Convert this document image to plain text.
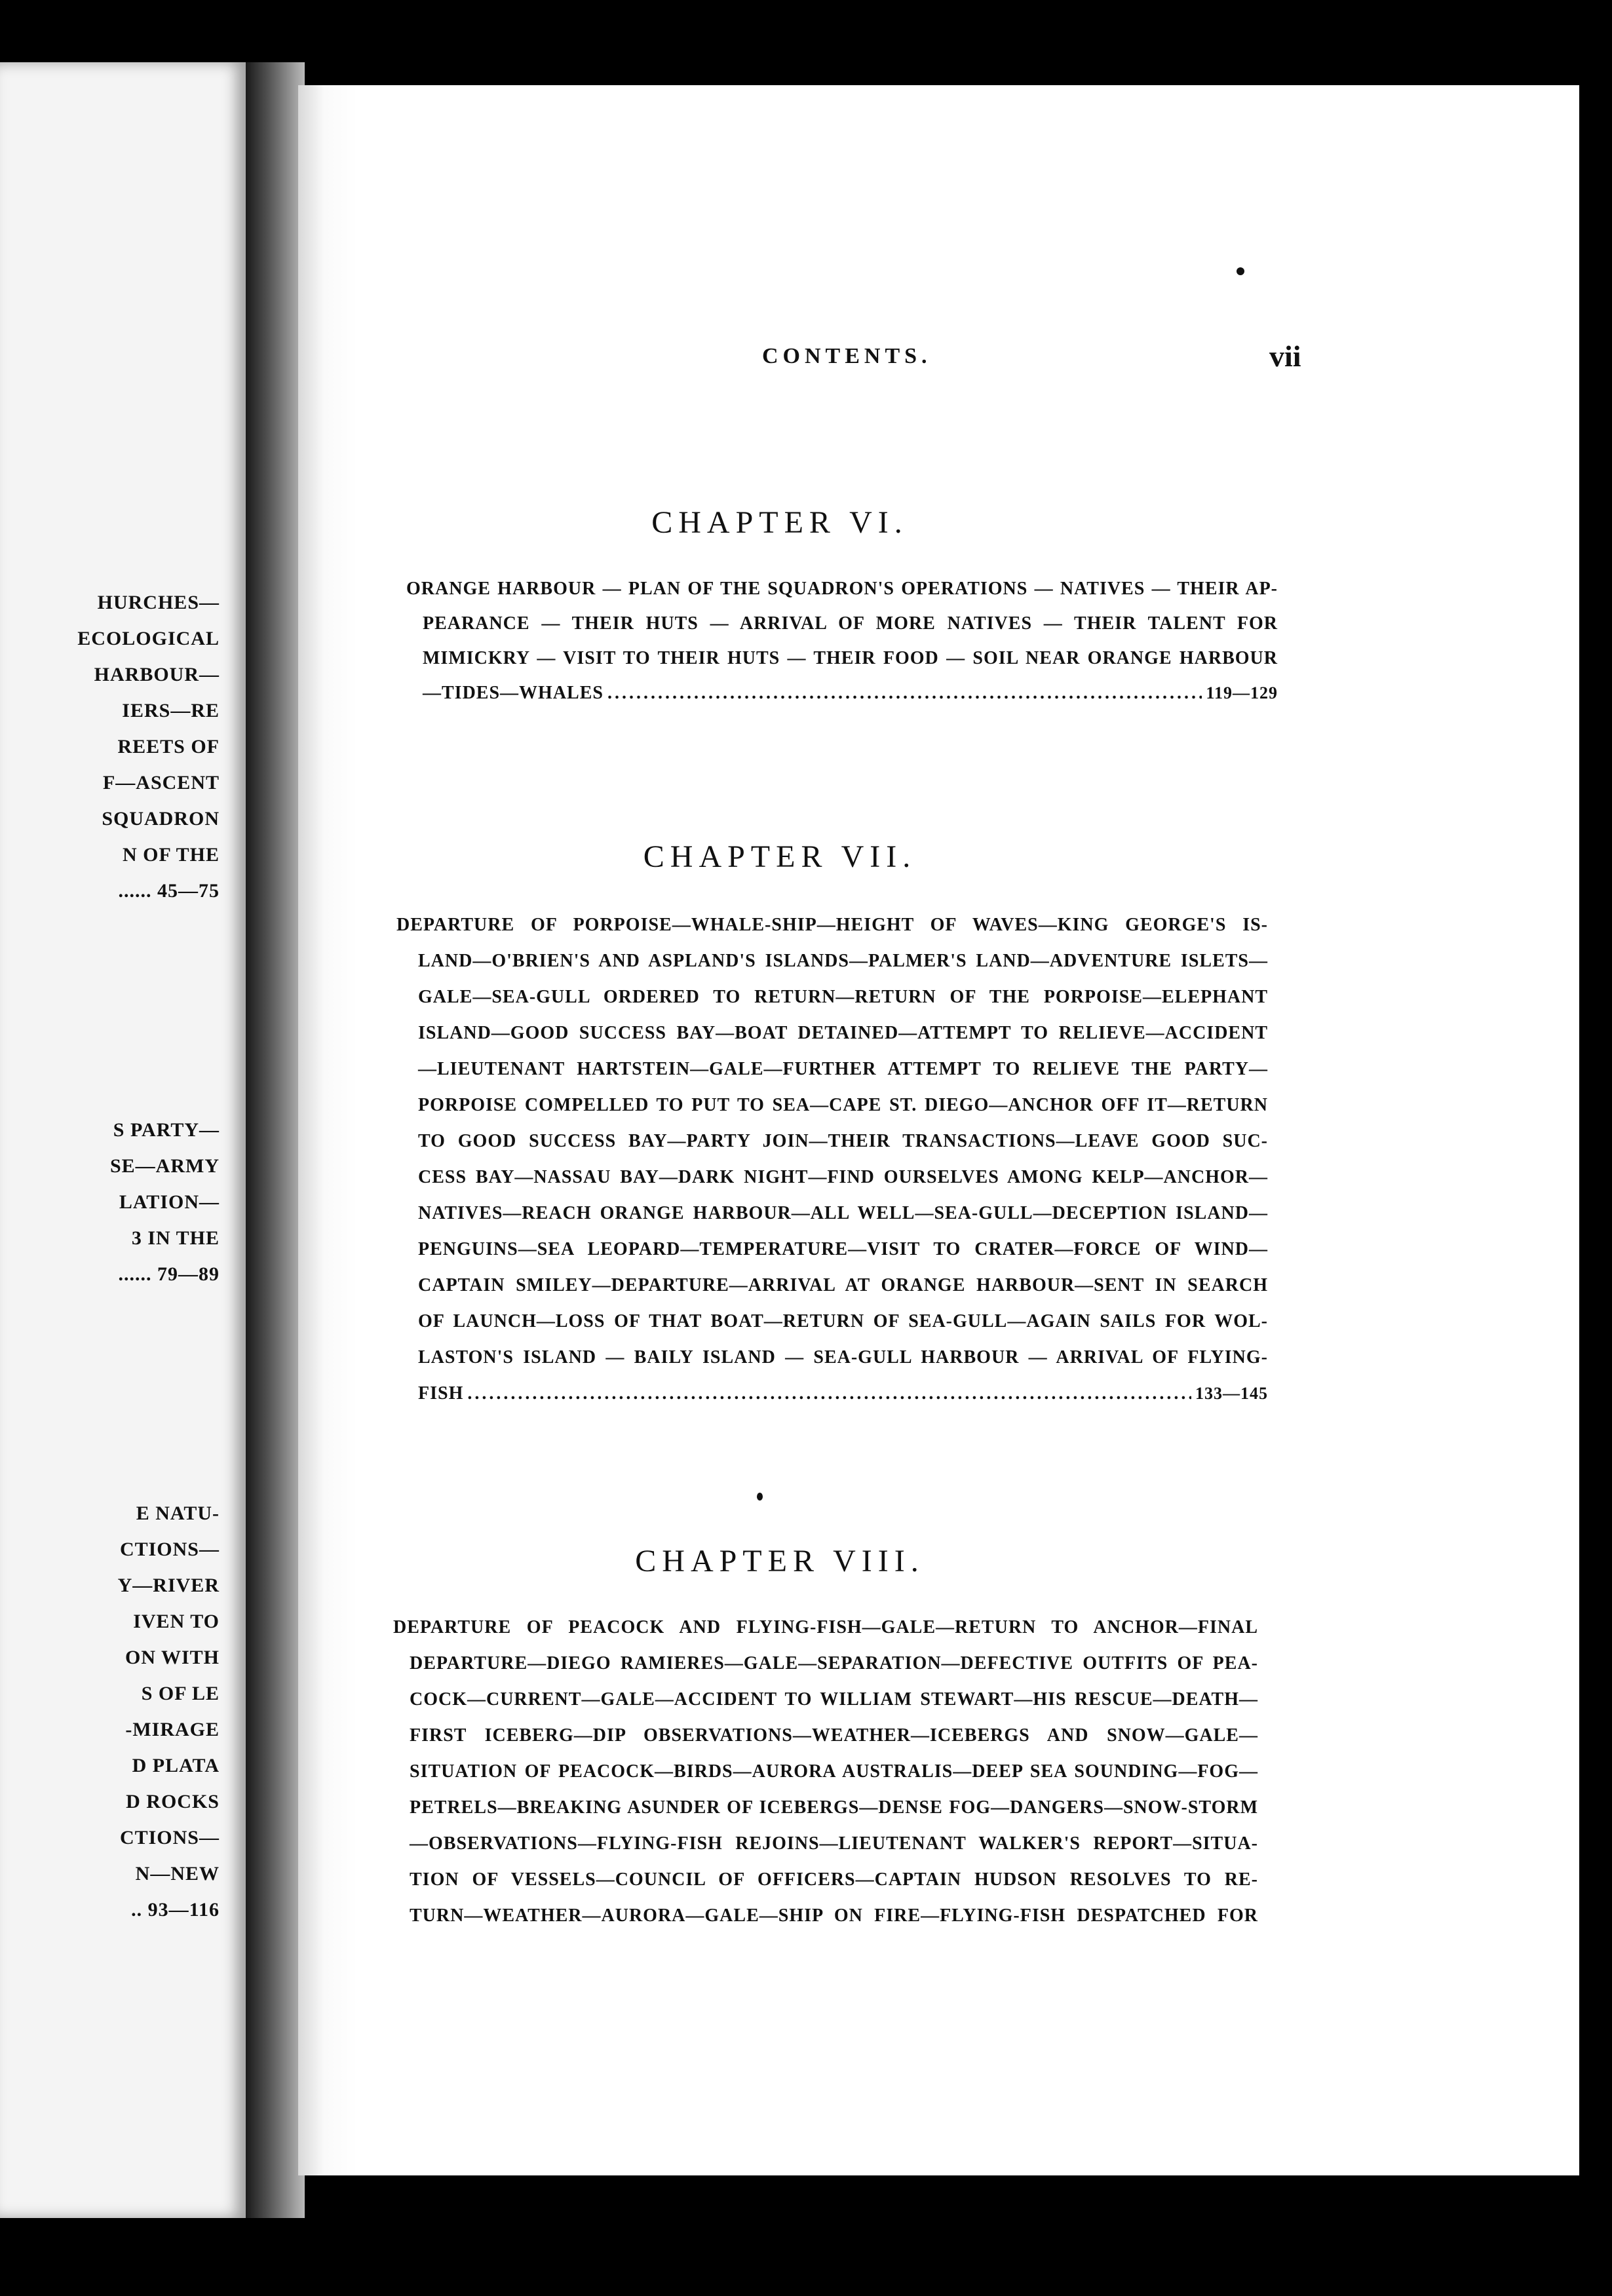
HURCHES—
ECOLOGICAL
HARBOUR—
IERS—RE
REETS OF
F—ASCENT
SQUADRON
N OF THE
...... 45—75
S PARTY—
SE—ARMY
LATION—
3 IN THE
...... 79—89
E NATU-
CTIONS—
Y—RIVER
IVEN TO
ON WITH
S OF LE
-MIRAGE
D PLATA
D ROCKS
CTIONS—
N—NEW
.. 93—116
CONTENTS.	vii
CHAPTER VI.
ORANGE HARBOUR — PLAN OF THE SQUADRON'S OPERATIONS — NATIVES — THEIR AP-
PEARANCE — THEIR HUTS — ARRIVAL OF MORE NATIVES — THEIR TALENT FOR
MIMICKRY — VISIT TO THEIR HUTS — THEIR FOOD — SOIL NEAR ORANGE HARBOUR
—TIDES—WHALES .....	119—129
CHAPTER VII.
DEPARTURE OF PORPOISE—WHALE-SHIP—HEIGHT OF WAVES—KING GEORGE'S IS-
LAND—O'BRIEN'S AND ASPLAND'S ISLANDS—PALMER'S LAND—ADVENTURE ISLETS—
GALE—SEA-GULL ORDERED TO RETURN—RETURN OF THE PORPOISE—ELEPHANT
ISLAND—GOOD SUCCESS BAY—BOAT DETAINED—ATTEMPT TO RELIEVE—ACCIDENT
—LIEUTENANT HARTSTEIN—GALE—FURTHER ATTEMPT TO RELIEVE THE PARTY—
PORPOISE COMPELLED TO PUT TO SEA—CAPE ST. DIEGO—ANCHOR OFF IT—RETURN
TO GOOD SUCCESS BAY—PARTY JOIN—THEIR TRANSACTIONS—LEAVE GOOD SUC-
CESS BAY—NASSAU BAY—DARK NIGHT—FIND OURSELVES AMONG KELP—ANCHOR—
NATIVES—REACH ORANGE HARBOUR—ALL WELL—SEA-GULL—DECEPTION ISLAND—
PENGUINS—SEA LEOPARD—TEMPERATURE—VISIT TO CRATER—FORCE OF WIND—
CAPTAIN SMILEY—DEPARTURE—ARRIVAL AT ORANGE HARBOUR—SENT IN SEARCH
OF LAUNCH—LOSS OF THAT BOAT—RETURN OF SEA-GULL—AGAIN SAILS FOR WOL-
LASTON'S ISLAND — BAILY ISLAND — SEA-GULL HARBOUR — ARRIVAL OF FLYING-
FISH .....	133—145
CHAPTER VIII.
DEPARTURE OF PEACOCK AND FLYING-FISH—GALE—RETURN TO ANCHOR—FINAL
DEPARTURE—DIEGO RAMIERES—GALE—SEPARATION—DEFECTIVE OUTFITS OF PEA-
COCK—CURRENT—GALE—ACCIDENT TO WILLIAM STEWART—HIS RESCUE—DEATH—
FIRST ICEBERG—DIP OBSERVATIONS—WEATHER—ICEBERGS AND SNOW—GALE—
SITUATION OF PEACOCK—BIRDS—AURORA AUSTRALIS—DEEP SEA SOUNDING—FOG—
PETRELS—BREAKING ASUNDER OF ICEBERGS—DENSE FOG—DANGERS—SNOW-STORM
—OBSERVATIONS—FLYING-FISH REJOINS—LIEUTENANT WALKER'S REPORT—SITUA-
TION OF VESSELS—COUNCIL OF OFFICERS—CAPTAIN HUDSON RESOLVES TO RE-
TURN—WEATHER—AURORA—GALE—SHIP ON FIRE—FLYING-FISH DESPATCHED FOR
